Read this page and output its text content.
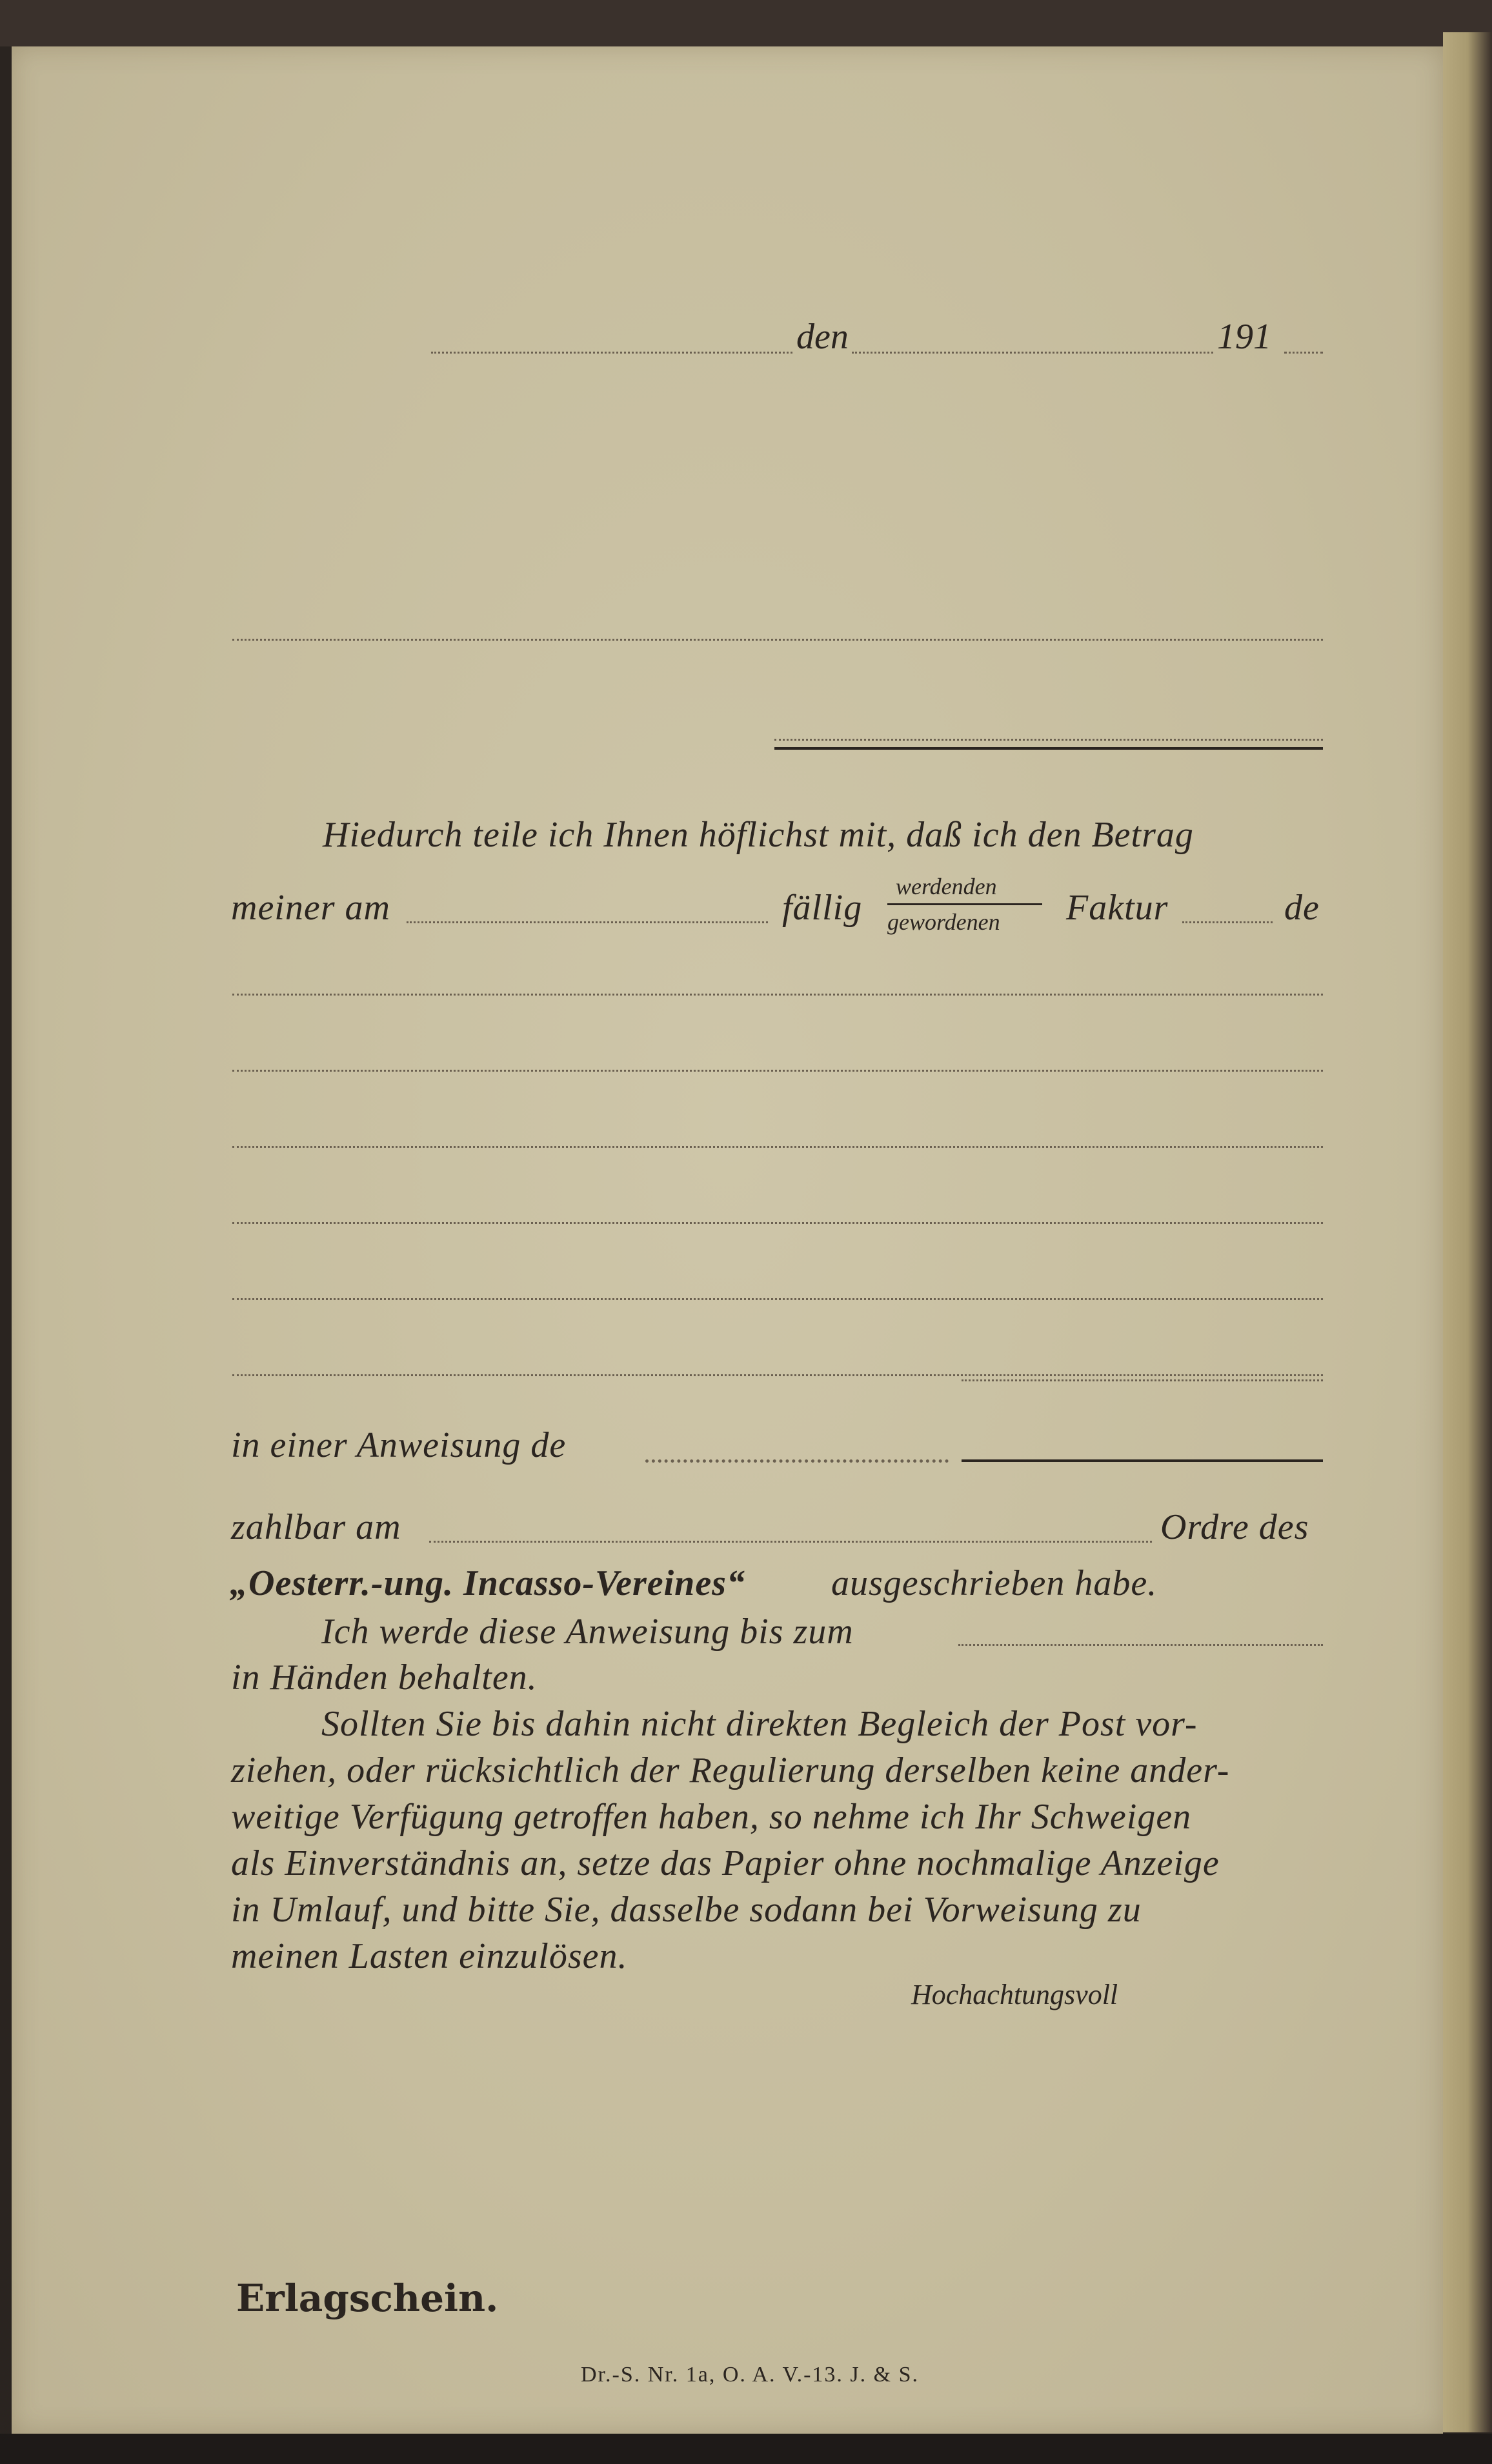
den	191
Hiedurch teile ich Ihnen höflichst mit, daß ich den Betrag
meiner am	fällig
werdenden
gewordenen Faktur	de
in einer Anweisung de
zahlbar am	Ordre des
„Oesterr.-ung. Incasso-Vereines“ ausgeschrieben habe.
Ich werde diese Anweisung bis zum
in Händen behalten.
Sollten Sie bis dahin nicht direkten Begleich der Post vor-
ziehen, oder rücksichtlich der Regulierung derselben keine ander-
weitige Verfügung getroffen haben, so nehme ich Ihr Schweigen
als Einverständnis an, setze das Papier ohne nochmalige Anzeige
in Umlauf, und bitte Sie, dasselbe sodann bei Vorweisung zu
meinen Lasten einzulösen.
Hochachtungsvoll
Erlagschein.
Dr.-S. Nr. 1a, O. A. V.-13. J. & S.
